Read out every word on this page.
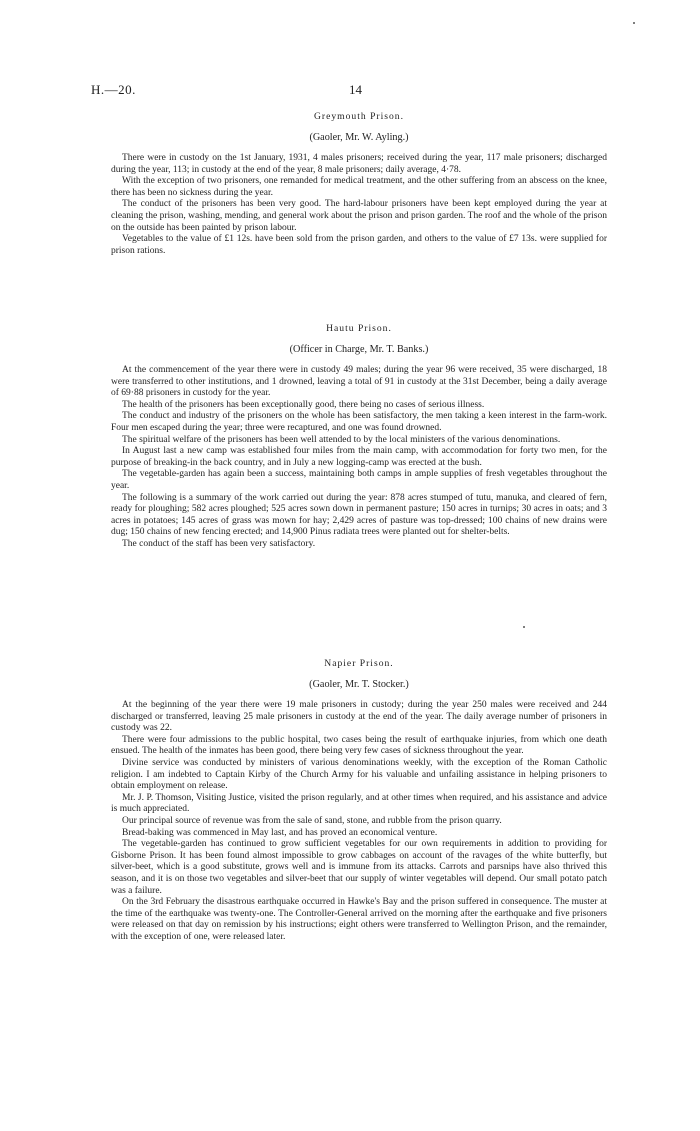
H.—20.	14

Greymouth Prison.

(Gaoler, Mr. W. Ayling.)

There were in custody on the 1st January, 1931, 4 males prisoners; received during the year, 117 male prisoners; discharged during the year, 113; in custody at the end of the year, 8 male prisoners; daily average, 4·78.

With the exception of two prisoners, one remanded for medical treatment, and the other suffering from an abscess on the knee, there has been no sickness during the year.

The conduct of the prisoners has been very good. The hard-labour prisoners have been kept employed during the year at cleaning the prison, washing, mending, and general work about the prison and prison garden. The roof and the whole of the prison on the outside has been painted by prison labour.

Vegetables to the value of £1 12s. have been sold from the prison garden, and others to the value of £7 13s. were supplied for prison rations.

Hautu Prison.

(Officer in Charge, Mr. T. Banks.)

At the commencement of the year there were in custody 49 males; during the year 96 were received, 35 were discharged, 18 were transferred to other institutions, and 1 drowned, leaving a total of 91 in custody at the 31st December, being a daily average of 69·88 prisoners in custody for the year.

The health of the prisoners has been exceptionally good, there being no cases of serious illness.

The conduct and industry of the prisoners on the whole has been satisfactory, the men taking a keen interest in the farm-work. Four men escaped during the year; three were recaptured, and one was found drowned.

The spiritual welfare of the prisoners has been well attended to by the local ministers of the various denominations.

In August last a new camp was established four miles from the main camp, with accommodation for forty two men, for the purpose of breaking-in the back country, and in July a new logging-camp was erected at the bush.

The vegetable-garden has again been a success, maintaining both camps in ample supplies of fresh vegetables throughout the year.

The following is a summary of the work carried out during the year: 878 acres stumped of tutu, manuka, and cleared of fern, ready for ploughing; 582 acres ploughed; 525 acres sown down in permanent pasture; 150 acres in turnips; 30 acres in oats; and 3 acres in potatoes; 145 acres of grass was mown for hay; 2,429 acres of pasture was top-dressed; 100 chains of new drains were dug; 150 chains of new fencing erected; and 14,900 Pinus radiata trees were planted out for shelter-belts.

The conduct of the staff has been very satisfactory.

Napier Prison.

(Gaoler, Mr. T. Stocker.)

At the beginning of the year there were 19 male prisoners in custody; during the year 250 males were received and 244 discharged or transferred, leaving 25 male prisoners in custody at the end of the year. The daily average number of prisoners in custody was 22.

There were four admissions to the public hospital, two cases being the result of earthquake injuries, from which one death ensued. The health of the inmates has been good, there being very few cases of sickness throughout the year.

Divine service was conducted by ministers of various denominations weekly, with the exception of the Roman Catholic religion. I am indebted to Captain Kirby of the Church Army for his valuable and unfailing assistance in helping prisoners to obtain employment on release.

Mr. J. P. Thomson, Visiting Justice, visited the prison regularly, and at other times when required, and his assistance and advice is much appreciated.

Our principal source of revenue was from the sale of sand, stone, and rubble from the prison quarry.

Bread-baking was commenced in May last, and has proved an economical venture.

The vegetable-garden has continued to grow sufficient vegetables for our own requirements in addition to providing for Gisborne Prison. It has been found almost impossible to grow cabbages on account of the ravages of the white butterfly, but silver-beet, which is a good substitute, grows well and is immune from its attacks. Carrots and parsnips have also thrived this season, and it is on those two vegetables and silver-beet that our supply of winter vegetables will depend. Our small potato patch was a failure.

On the 3rd February the disastrous earthquake occurred in Hawke's Bay and the prison suffered in consequence. The muster at the time of the earthquake was twenty-one. The Controller-General arrived on the morning after the earthquake and five prisoners were released on that day on remission by his instructions; eight others were transferred to Wellington Prison, and the remainder, with the exception of one, were released later.
